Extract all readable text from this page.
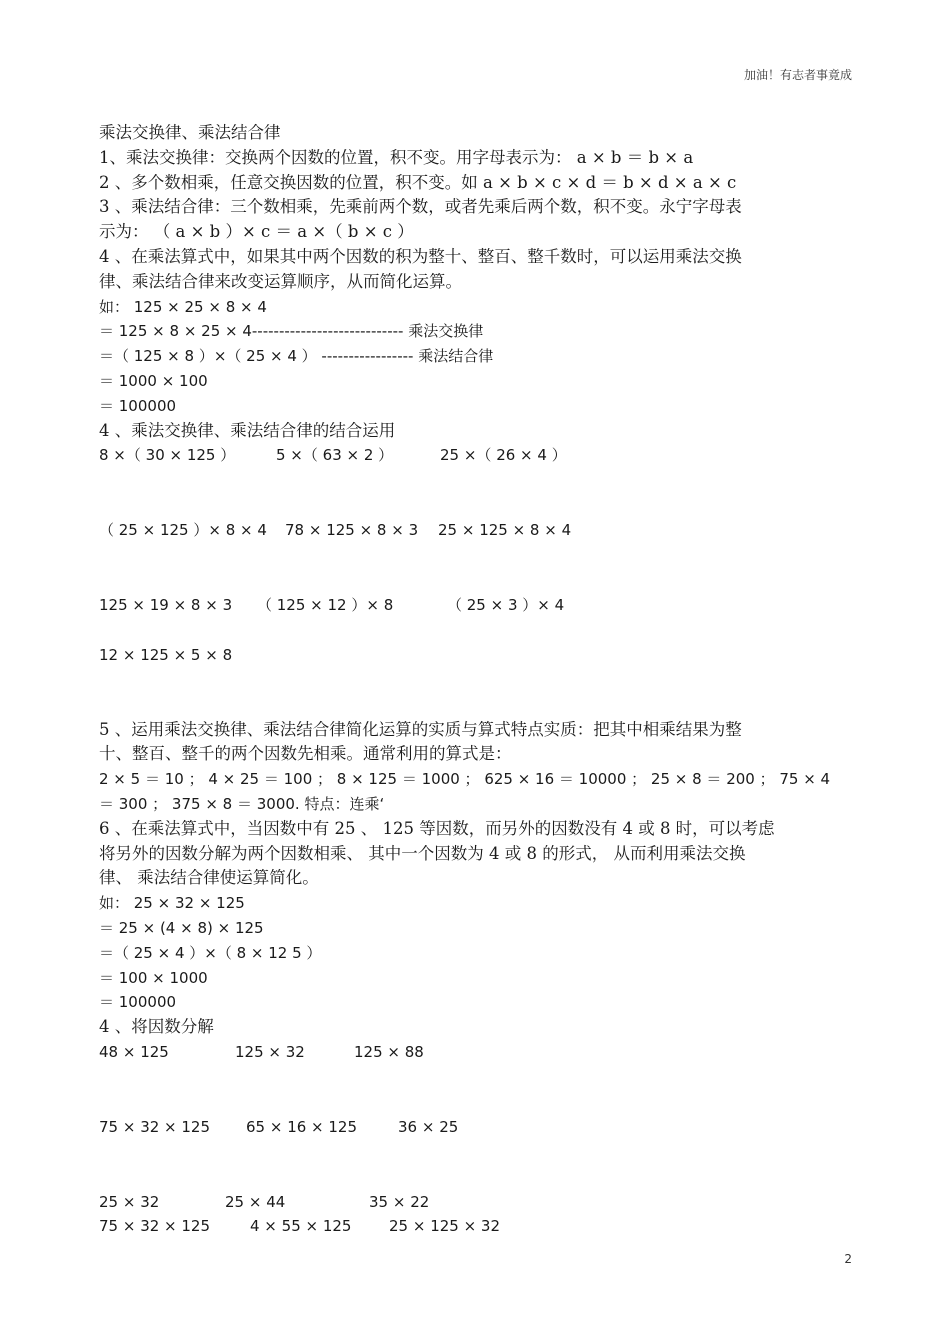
加油！有志者事竟成
乘法交换律、乘法结合律
1、乘法交换律：交换两个因数的位置，积不变。用字母表示为： a × b ＝ b × a
2 、多个数相乘，任意交换因数的位置，积不变。如 a × b × c × d ＝ b × d × a × c
3 、乘法结合律：三个数相乘，先乘前两个数，或者先乘后两个数，积不变。永宁字母表
示为： （ a × b ）× c ＝ a ×（ b × c ）
4 、在乘法算式中，如果其中两个因数的积为整十、整百、整千数时，可以运用乘法交换
律、乘法结合律来改变运算顺序，从而简化运算。
如： 125 × 25 × 8 × 4
＝ 125 × 8 × 25 × 4---------------------------- 乘法交换律
＝（ 125 × 8 ）×（ 25 × 4 ） ----------------- 乘法结合律
＝ 1000 × 100
＝ 100000
4 、乘法交换律、乘法结合律的结合运用
8 ×（ 30 × 125 ）	5 ×（ 63 × 2 ）	25 ×（ 26 × 4 ）
（ 25 × 125 ）× 8 × 4 78 × 125 × 8 × 3 25 × 125 × 8 × 4
125 × 19 × 8 × 3 （ 125 × 12 ）× 8	（ 25 × 3 ）× 4
12 × 125 × 5 × 8
5 、运用乘法交换律、乘法结合律简化运算的实质与算式特点实质：把其中相乘结果为整
十、整百、整千的两个因数先相乘。通常利用的算式是：
2 × 5 ＝ 10 ； 4 × 25 ＝ 100 ； 8 × 125 ＝ 1000 ； 625 × 16 ＝ 10000 ； 25 × 8 ＝ 200 ； 75 × 4
＝ 300 ； 375 × 8 ＝ 3000. 特点：连乘‘
6 、在乘法算式中，当因数中有 25 、 125 等因数，而另外的因数没有 4 或 8 时，可以考虑
将另外的因数分解为两个因数相乘、 其中一个因数为 4 或 8 的形式， 从而利用乘法交换
律、 乘法结合律使运算简化。
如： 25 × 32 × 125
＝ 25 × (4 × 8) × 125
＝（ 25 × 4 ）×（ 8 × 12 5 ）
＝ 100 × 1000
＝ 100000
4 、将因数分解
48 × 125	125 × 32	125 × 88
75 × 32 × 125 65 × 16 × 125	36 × 25
25 × 32	25 × 44	35 × 22
75 × 32 × 125	4 × 55 × 125	25 × 125 × 32
2
